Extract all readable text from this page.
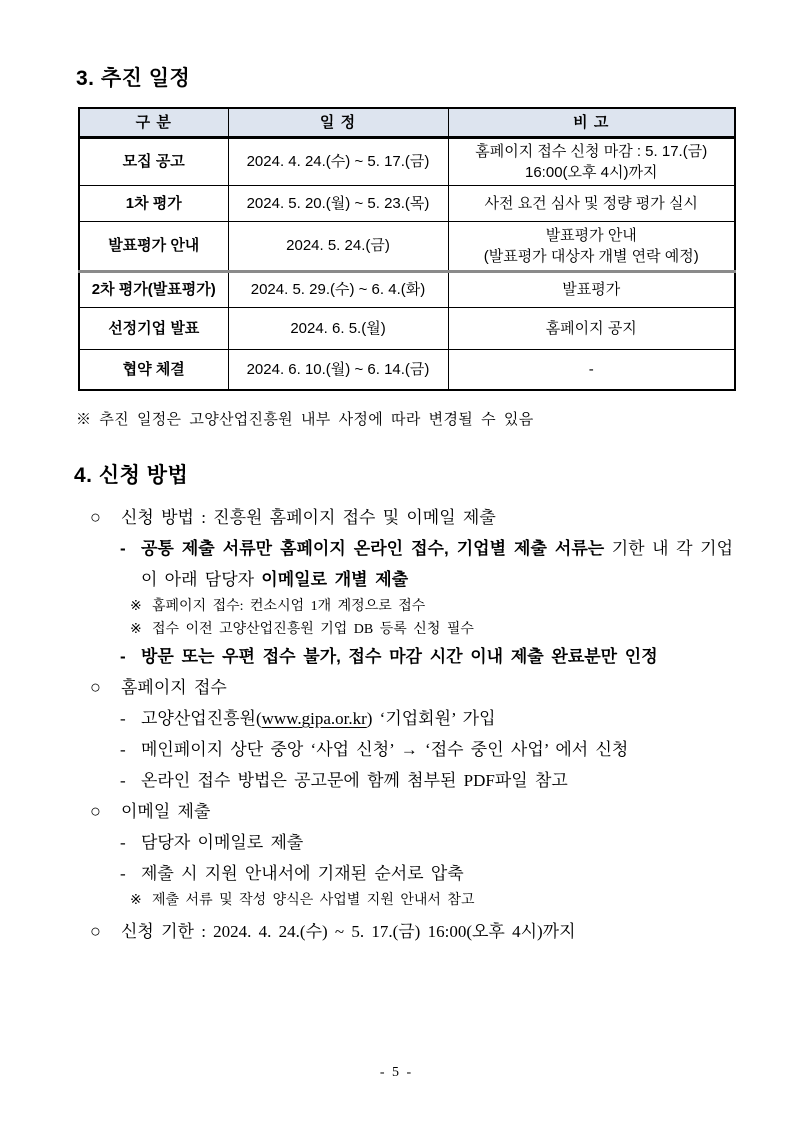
3. 추진 일정
구 분	일 정	비 고
모집 공고	2024. 4. 24.(수) ~ 5. 17.(금)	홈페이지 접수 신청 마감 : 5. 17.(금)
16:00(오후 4시)까지
1차 평가	2024. 5. 20.(월) ~ 5. 23.(목)	사전 요건 심사 및 정량 평가 실시
발표평가 안내	2024. 5. 24.(금)	발표평가 안내
(발표평가 대상자 개별 연락 예정)
2차 평가(발표평가)	2024. 5. 29.(수) ~ 6. 4.(화)	발표평가
선정기업 발표	2024. 6. 5.(월)	홈페이지 공지
협약 체결	2024. 6. 10.(월) ~ 6. 14.(금)	-
※ 추진 일정은 고양산업진흥원 내부 사정에 따라 변경될 수 있음
4. 신청 방법
○	신청 방법 : 진흥원 홈페이지 접수 및 이메일 제출
- 공통 제출 서류만 홈페이지 온라인 접수, 기업별 제출 서류는 기한 내 각 기업이 아래 담당자 이메일로 개별 제출
※ 홈페이지 접수: 컨소시엄 1개 계정으로 접수
※ 접수 이전 고양산업진흥원 기업 DB 등록 신청 필수
- 방문 또는 우편 접수 불가, 접수 마감 시간 이내 제출 완료분만 인정
○	홈페이지 접수
- 고양산업진흥원(www.gipa.or.kr) ‘기업회원’ 가입
- 메인페이지 상단 중앙 ‘사업 신청’ → ‘접수 중인 사업’ 에서 신청
- 온라인 접수 방법은 공고문에 함께 첨부된 PDF파일 참고
○	이메일 제출
- 담당자 이메일로 제출
- 제출 시 지원 안내서에 기재된 순서로 압축
※ 제출 서류 및 작성 양식은 사업별 지원 안내서 참고
○	신청 기한 : 2024. 4. 24.(수) ~ 5. 17.(금) 16:00(오후 4시)까지
- 5 -
